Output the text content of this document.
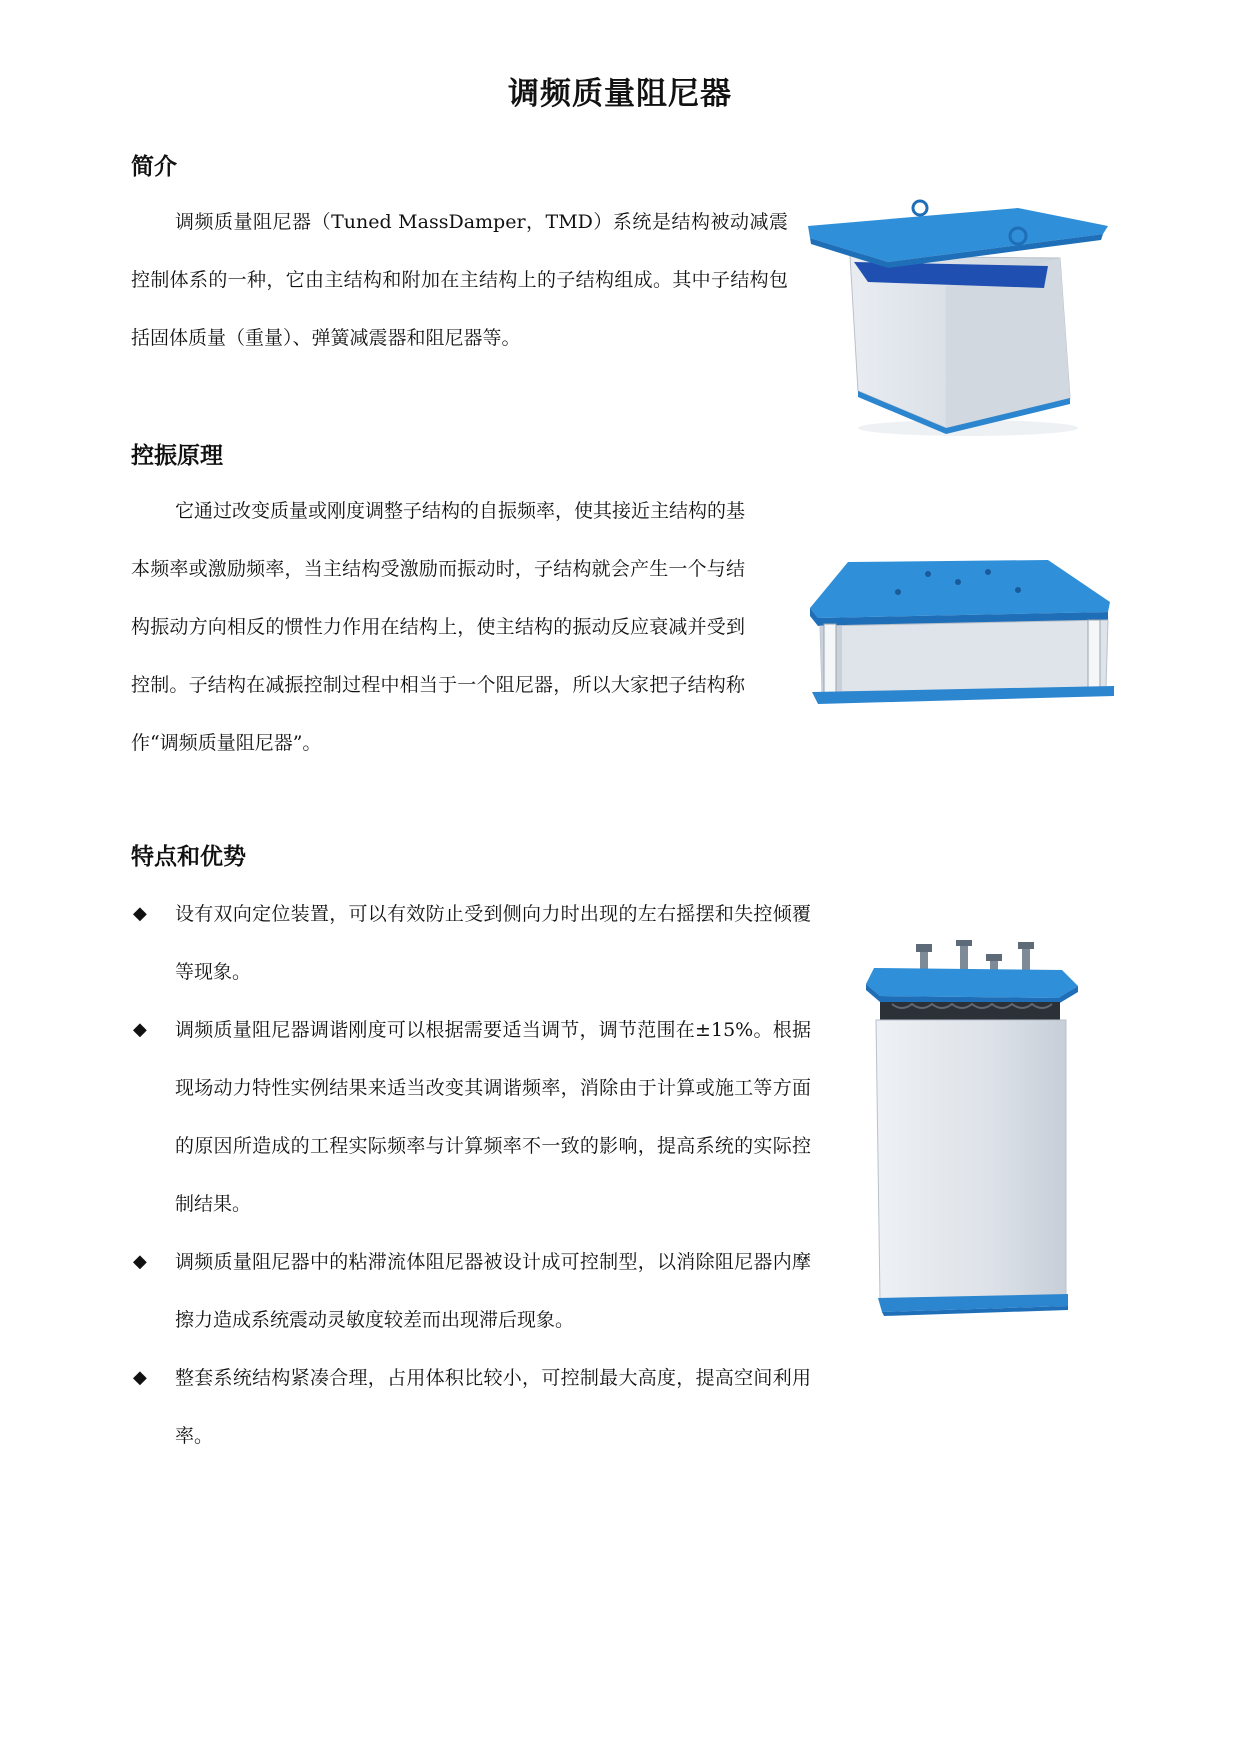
调频质量阻尼器
简介

调频质量阻尼器（Tuned MassDamper，TMD）系统是结构被动减震控制体系的一种，它由主结构和附加在主结构上的子结构组成。其中子结构包括固体质量（重量）、弹簧减震器和阻尼器等。

控振原理

它通过改变质量或刚度调整子结构的自振频率，使其接近主结构的基本频率或激励频率，当主结构受激励而振动时，子结构就会产生一个与结构振动方向相反的惯性力作用在结构上，使主结构的振动反应衰减并受到控制。子结构在减振控制过程中相当于一个阻尼器，所以大家把子结构称作“调频质量阻尼器”。

特点和优势
◆ 设有双向定位装置，可以有效防止受到侧向力时出现的左右摇摆和失控倾覆等现象。
◆ 调频质量阻尼器调谐刚度可以根据需要适当调节，调节范围在±15%。根据现场动力特性实例结果来适当改变其调谐频率，消除由于计算或施工等方面的原因所造成的工程实际频率与计算频率不一致的影响，提高系统的实际控制结果。
◆ 调频质量阻尼器中的粘滞流体阻尼器被设计成可控制型，以消除阻尼器内摩擦力造成系统震动灵敏度较差而出现滞后现象。
◆ 整套系统结构紧凑合理，占用体积比较小，可控制最大高度，提高空间利用率。
